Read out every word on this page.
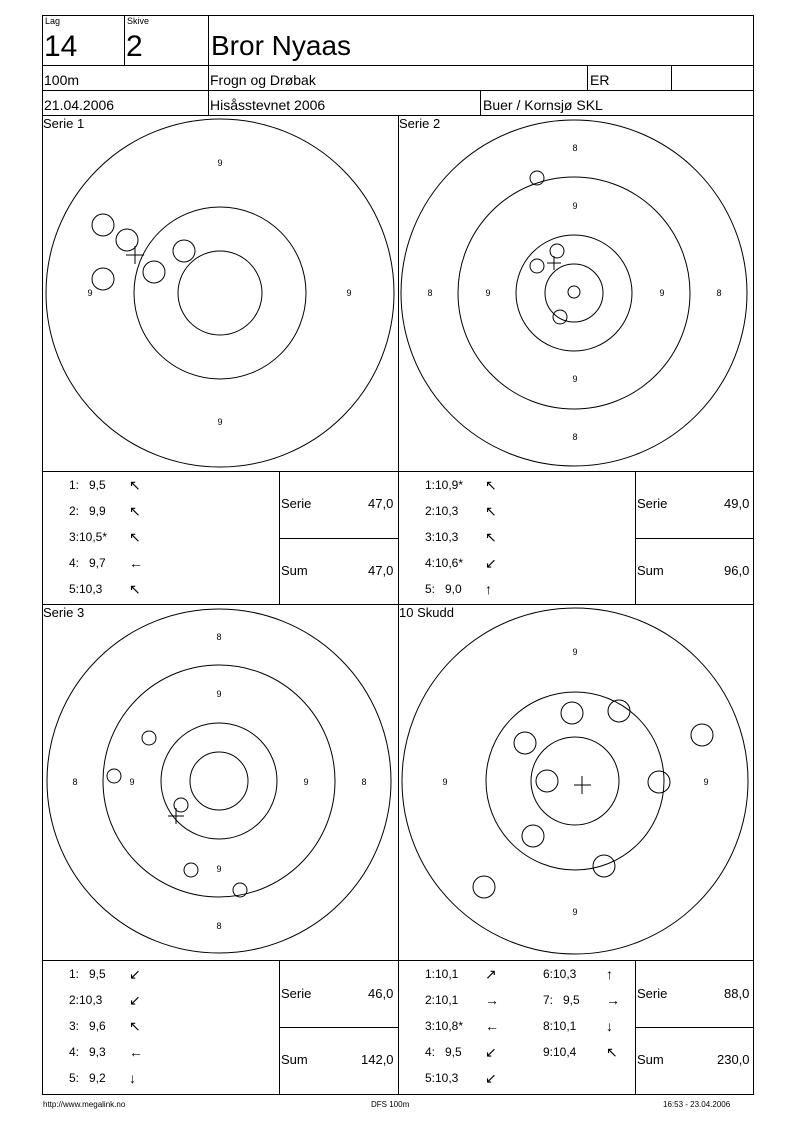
Lag
14
Skive
2 Bror Nyaas
100m	Frogn og Drøbak	ER
21.04.2006	Hisåsstevnet 2006	Buer / Kornsjø SKL
Serie 1
9
9
9	9
1: 9,5 ↖
2: 9,9 ↖
3: 10,5* ↖
4: 9,7 ←
5: 10,3 ↖
Serie	47,0
Sum	47,0
Serie 2
8
9
9
8
8	9	9	8
1: 10,9* ↖
2: 10,3 ↖
3: 10,3 ↖
4: 10,6* ↙
5: 9,0 ↑
Serie	49,0
Sum	96,0
Serie 3
8
9
9
8
8	9	9	8
1: 9,5 ↙
2: 10,3 ↙
3: 9,6 ↖
4: 9,3 ←
5: 9,2 ↓
Serie	46,0
Sum	142,0
10 Skudd
9
9
9	9
1: 10,1 ↗
2: 10,1 →
3: 10,8* ←
4: 9,5 ↙
5: 10,3 ↙
6: 10,3 ↑
7: 9,5 →
8: 10,1 ↓
9: 10,4 ↖
Serie	88,0
Sum	230,0
http://www.megalink.no	DFS 100m	16:53 - 23.04.2006
